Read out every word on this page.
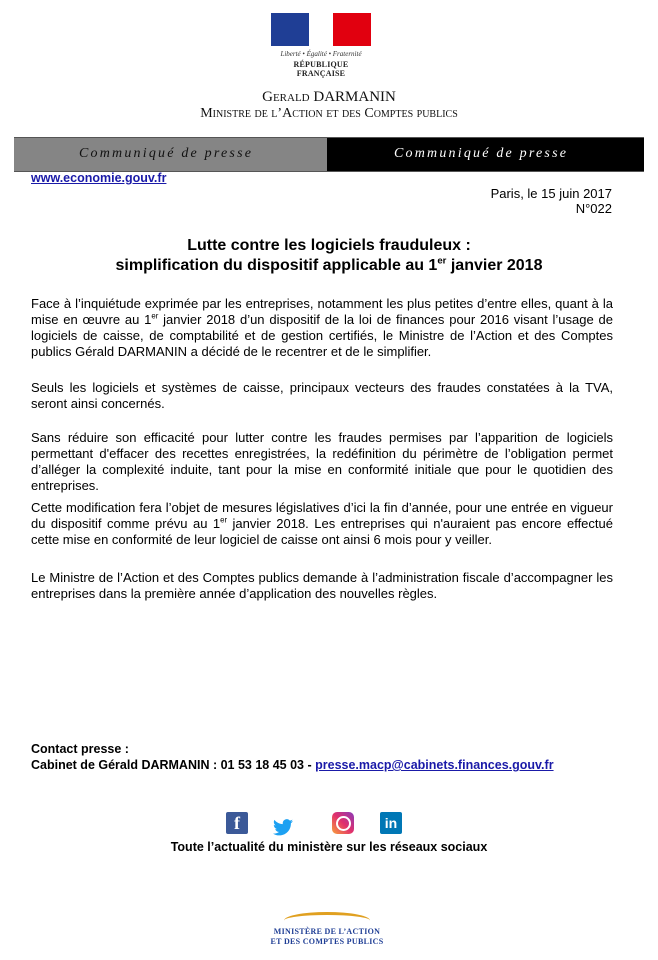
Liberté • Égalité • Fraternité
RÉPUBLIQUE FRANÇAISE
Gerald DARMANIN
Ministre de l’Action et des Comptes publics
Communiqué de presse	Communiqué de presse
www.economie.gouv.fr
Paris, le 15 juin 2017
N°022
Lutte contre les logiciels frauduleux :
simplification du dispositif applicable au 1er janvier 2018
Face à l’inquiétude exprimée par les entreprises, notamment les plus petites d’entre elles, quant à la mise en œuvre au 1er janvier 2018 d’un dispositif de la loi de finances pour 2016 visant l’usage de logiciels de caisse, de comptabilité et de gestion certifiés, le Ministre de l’Action et des Comptes publics Gérald DARMANIN a décidé de le recentrer et de le simplifier.
Seuls les logiciels et systèmes de caisse, principaux vecteurs des fraudes constatées à la TVA, seront ainsi concernés.
Sans réduire son efficacité pour lutter contre les fraudes permises par l’apparition de logiciels permettant d'effacer des recettes enregistrées, la redéfinition du périmètre de l’obligation permet d’alléger la complexité induite, tant pour la mise en conformité initiale que pour le quotidien des entreprises.
Cette modification fera l’objet de mesures législatives d’ici la fin d’année, pour une entrée en vigueur du dispositif comme prévu au 1er janvier 2018. Les entreprises qui n'auraient pas encore effectué cette mise en conformité de leur logiciel de caisse ont ainsi 6 mois pour y veiller.
Le Ministre de l’Action et des Comptes publics demande à l’administration fiscale d’accompagner les entreprises dans la première année d’application des nouvelles règles.
Contact presse :
Cabinet de Gérald DARMANIN : 01 53 18 45 03 - presse.macp@cabinets.finances.gouv.fr
f	in
Toute l’actualité du ministère sur les réseaux sociaux
MINISTÈRE DE L’ACTION
ET DES COMPTES PUBLICS
